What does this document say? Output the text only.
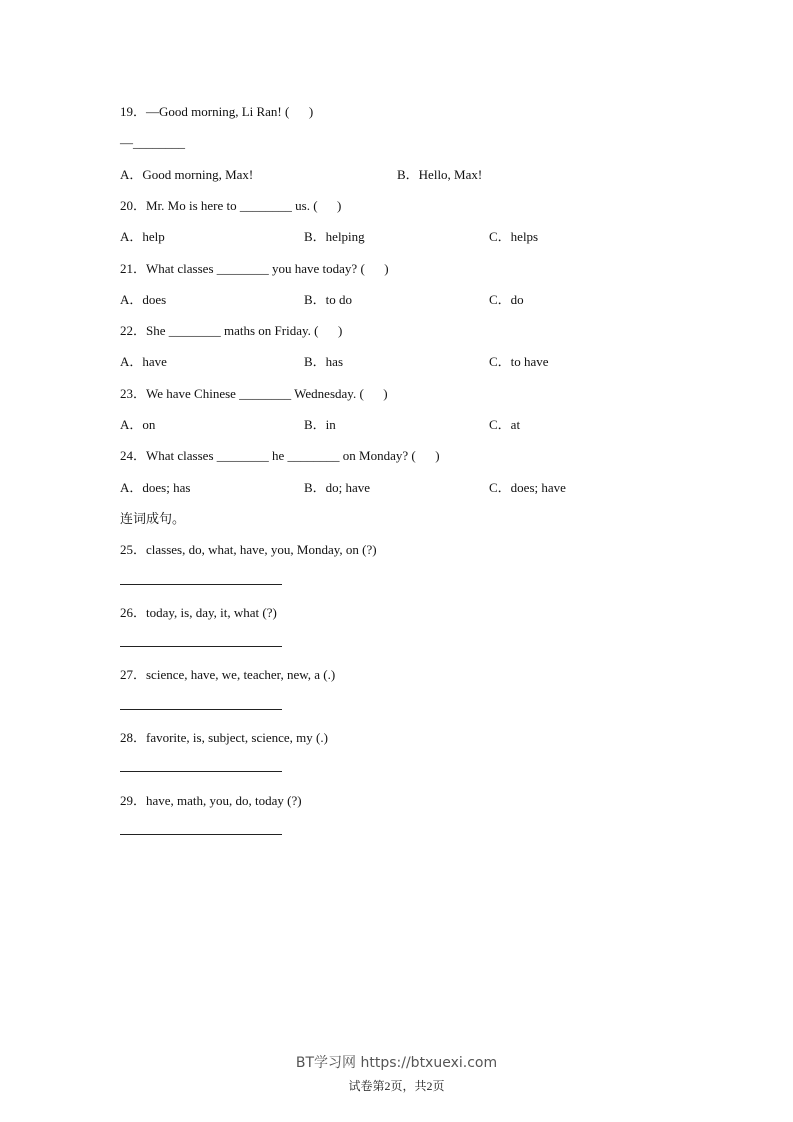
19．—Good morning, Li Ran! (      )
—________
A．Good morning, Max!	B．Hello, Max!
20．Mr. Mo is here to ________ us. (      )
A．help	B．helping	C．helps
21．What classes ________ you have today? (      )
A．does	B．to do	C．do
22．She ________ maths on Friday. (      )
A．have	B．has	C．to have
23．We have Chinese ________ Wednesday. (      )
A．on	B．in	C．at
24．What classes ________ he ________ on Monday? (      )
A．does; has	B．do; have	C．does; have
连词成句。
25．classes, do, what, have, you, Monday, on (?)
26．today, is, day, it, what (?)
27．science, have, we, teacher, new, a (.)
28．favorite, is, subject, science, my (.)
29．have, math, you, do, today (?)
BT学习网 https://btxuexi.com
试卷第2页，共2页
